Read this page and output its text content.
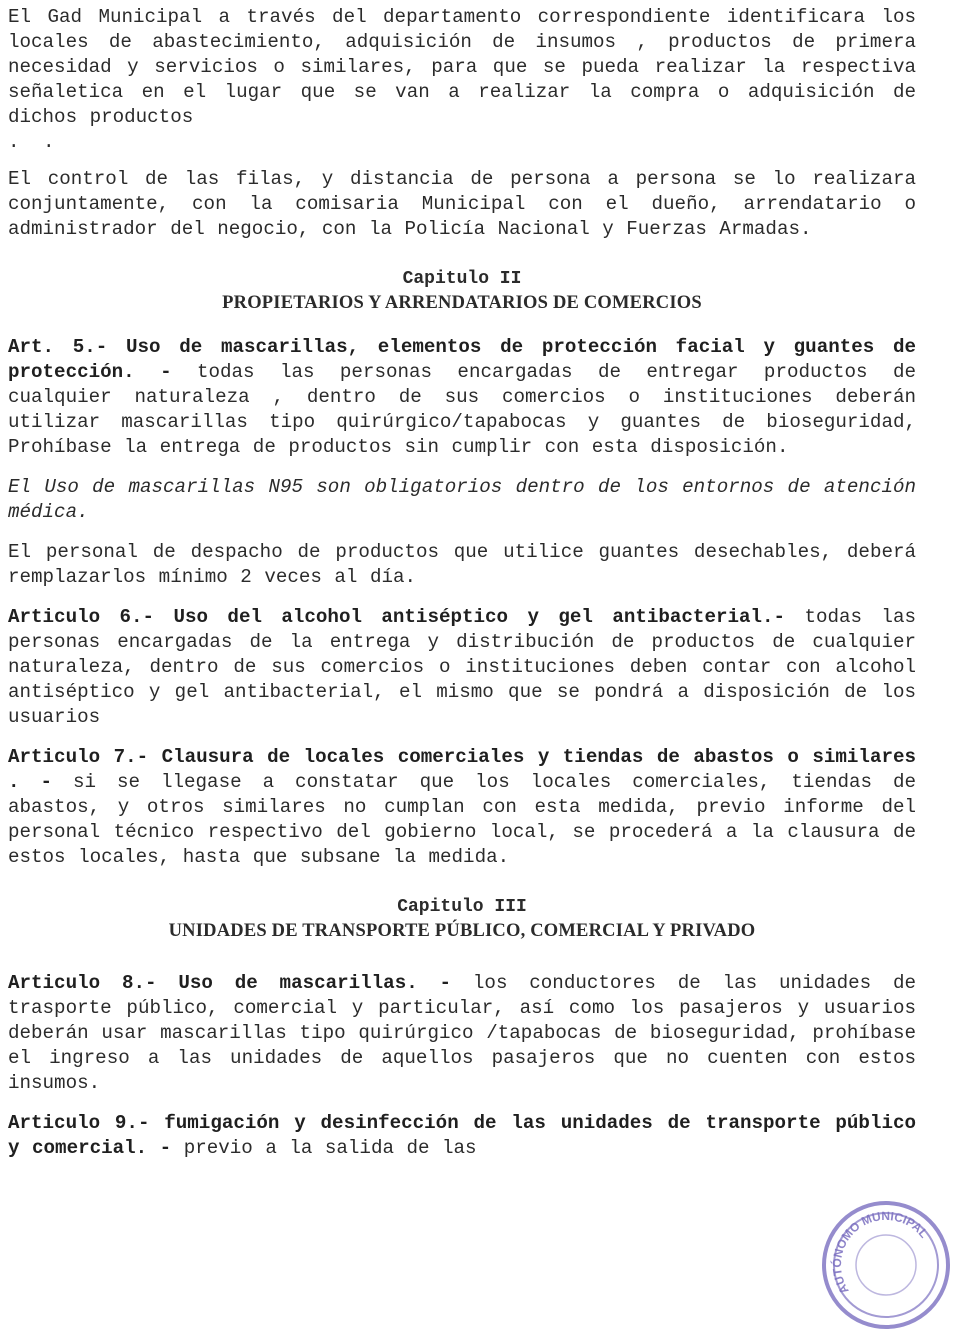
El Gad Municipal a través del departamento correspondiente identificara los locales de abastecimiento, adquisición de insumos , productos de primera necesidad y servicios o similares, para que se pueda realizar la respectiva señaletica en el lugar que se van a realizar la compra o adquisición de dichos productos

. .

El control de las filas, y distancia de persona a persona se lo realizara conjuntamente, con la comisaria Municipal con el dueño, arrendatario o administrador del negocio, con la Policía Nacional y Fuerzas Armadas.

Capitulo II
PROPIETARIOS Y ARRENDATARIOS DE COMERCIOS

Art. 5.- Uso de mascarillas, elementos de protección facial y guantes de protección. - todas las personas encargadas de entregar productos de cualquier naturaleza , dentro de sus comercios o instituciones deberán utilizar mascarillas tipo quirúrgico/tapabocas y guantes de bioseguridad, Prohíbase la entrega de productos sin cumplir con esta disposición.

El Uso de mascarillas N95 son obligatorios dentro de los entornos de atención médica.

El personal de despacho de productos que utilice guantes desechables, deberá remplazarlos mínimo 2 veces al día.

Articulo 6.- Uso del alcohol antiséptico y gel antibacterial.- todas las personas encargadas de la entrega y distribución de productos de cualquier naturaleza, dentro de sus comercios o instituciones deben contar con alcohol antiséptico y gel antibacterial, el mismo que se pondrá a disposición de los usuarios

Articulo 7.- Clausura de locales comerciales y tiendas de abastos o similares . - si se llegase a constatar que los locales comerciales, tiendas de abastos, y otros similares no cumplan con esta medida, previo informe del personal técnico respectivo del gobierno local, se procederá a la clausura de estos locales, hasta que subsane la medida.

Capitulo III
UNIDADES DE TRANSPORTE PÚBLICO, COMERCIAL Y PRIVADO

Articulo 8.- Uso de mascarillas. - los conductores de las unidades de trasporte público, comercial y particular, así como los pasajeros y usuarios deberán usar mascarillas tipo quirúrgico /tapabocas de bioseguridad, prohíbase el ingreso a las unidades de aquellos pasajeros que no cuenten con estos insumos.

Articulo 9.- fumigación y desinfección de las unidades de transporte público y comercial. - previo a la salida de las

AUTÓNOMO MUNICIPAL
